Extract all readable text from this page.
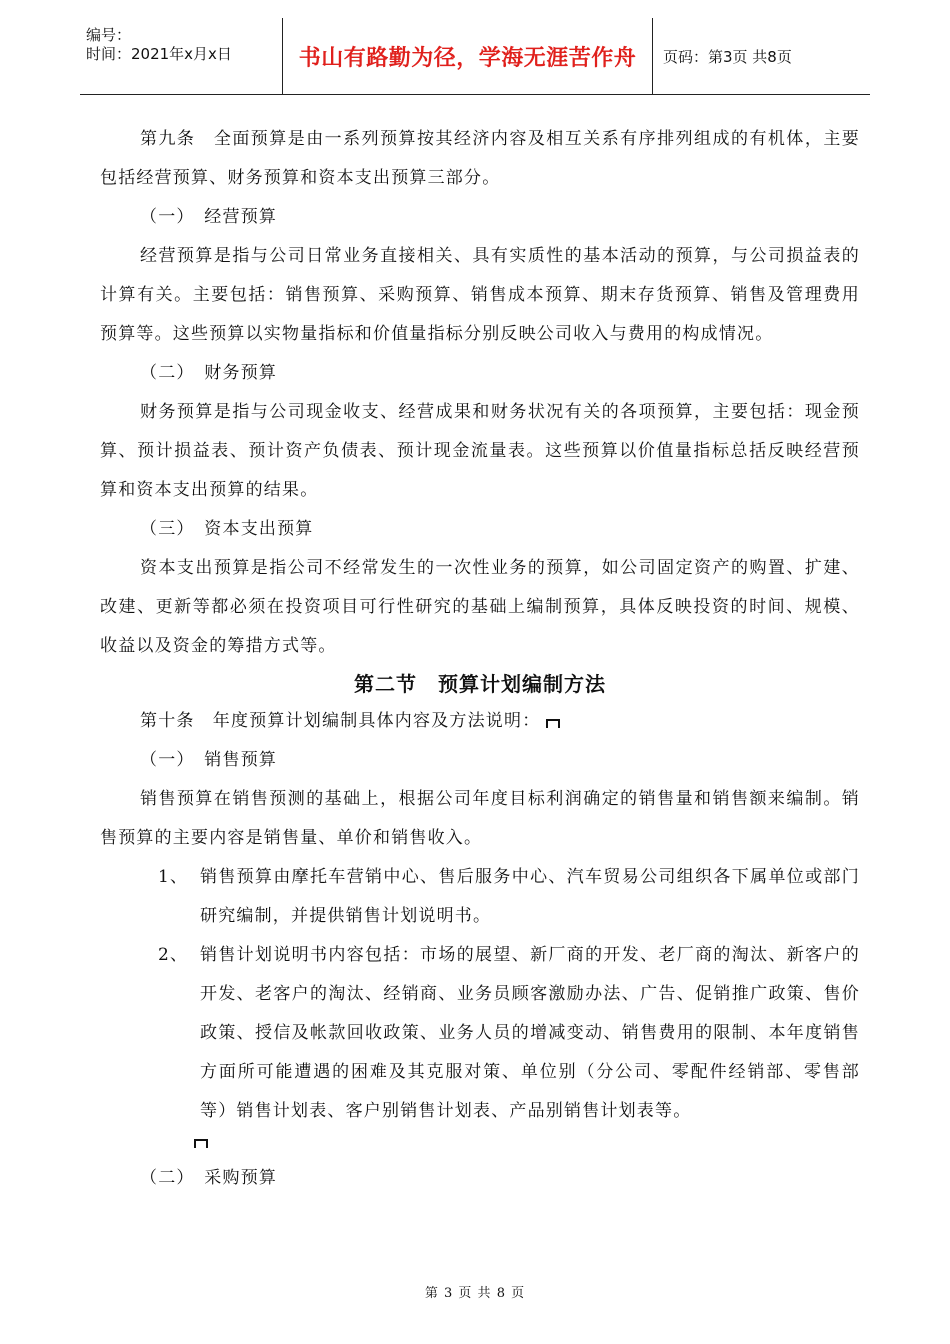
编号：
时间：2021年x月x日	书山有路勤为径，学海无涯苦作舟	页码：第3页 共8页

第九条　全面预算是由一系列预算按其经济内容及相互关系有序排列组成的有机体，主要包括经营预算、财务预算和资本支出预算三部分。

（一）　经营预算

经营预算是指与公司日常业务直接相关、具有实质性的基本活动的预算，与公司损益表的计算有关。主要包括：销售预算、采购预算、销售成本预算、期末存货预算、销售及管理费用预算等。这些预算以实物量指标和价值量指标分别反映公司收入与费用的构成情况。

（二）　财务预算

财务预算是指与公司现金收支、经营成果和财务状况有关的各项预算，主要包括：现金预算、预计损益表、预计资产负债表、预计现金流量表。这些预算以价值量指标总括反映经营预算和资本支出预算的结果。

（三）　资本支出预算

资本支出预算是指公司不经常发生的一次性业务的预算，如公司固定资产的购置、扩建、改建、更新等都必须在投资项目可行性研究的基础上编制预算，具体反映投资的时间、规模、收益以及资金的筹措方式等。

第二节　预算计划编制方法

第十条　年度预算计划编制具体内容及方法说明：

（一）　销售预算

销售预算在销售预测的基础上，根据公司年度目标利润确定的销售量和销售额来编制。销售预算的主要内容是销售量、单价和销售收入。

1、 销售预算由摩托车营销中心、售后服务中心、汽车贸易公司组织各下属单位或部门研究编制，并提供销售计划说明书。
2、 销售计划说明书内容包括：市场的展望、新厂商的开发、老厂商的淘汰、新客户的开发、老客户的淘汰、经销商、业务员顾客激励办法、广告、促销推广政策、售价政策、授信及帐款回收政策、业务人员的增减变动、销售费用的限制、本年度销售方面所可能遭遇的困难及其克服对策、单位别（分公司、零配件经销部、零售部等）销售计划表、客户别销售计划表、产品别销售计划表等。

（二）　采购预算

第 3 页 共 8 页
